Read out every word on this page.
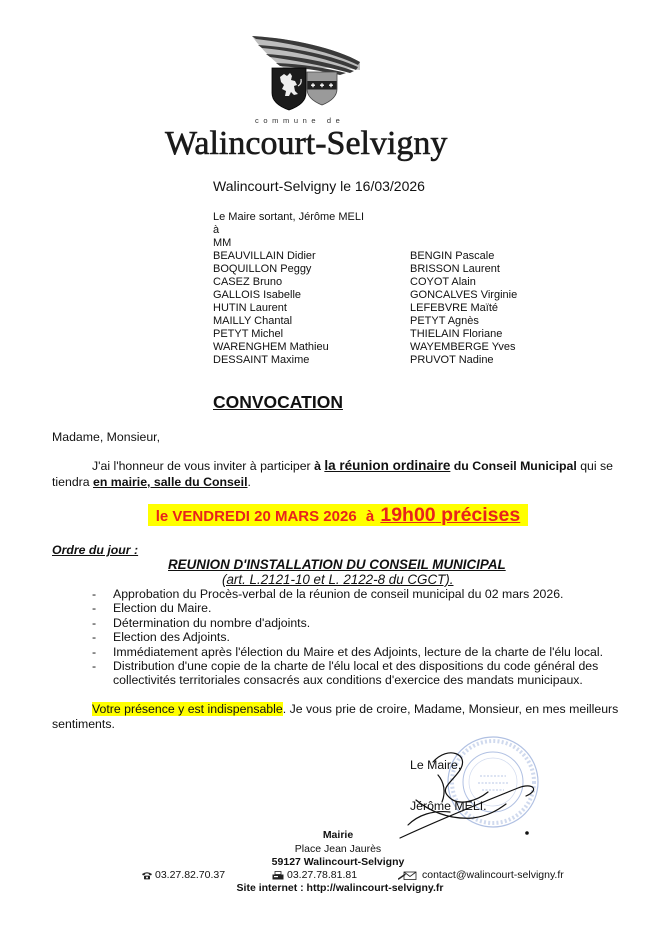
commune de
Walincourt-Selvigny
Walincourt-Selvigny le 16/03/2026
Le Maire sortant, Jérôme MELI
à
MM
BEAUVILLAIN Didier
BOQUILLON Peggy
CASEZ Bruno
GALLOIS Isabelle
HUTIN Laurent
MAILLY Chantal
PETYT Michel
WARENGHEM Mathieu
DESSAINT Maxime
BENGIN Pascale
BRISSON Laurent
COYOT Alain
GONCALVES Virginie
LEFEBVRE Maïté
PETYT Agnès
THIELAIN Floriane
WAYEMBERGE Yves
PRUVOT Nadine
CONVOCATION
Madame, Monsieur,
J'ai l'honneur de vous inviter à participer à la réunion ordinaire du Conseil Municipal qui se
tiendra en mairie, salle du Conseil.
le VENDREDI 20 MARS 2026 à 19h00 précises
Ordre du jour :
REUNION D'INSTALLATION DU CONSEIL MUNICIPAL
(art. L.2121-10 et L. 2122-8 du CGCT).
- Approbation du Procès-verbal de la réunion de conseil municipal du 02 mars 2026.
- Election du Maire.
- Détermination du nombre d'adjoints.
- Election des Adjoints.
- Immédiatement après l'élection du Maire et des Adjoints, lecture de la charte de l'élu local.
- Distribution d'une copie de la charte de l'élu local et des dispositions du code général des
collectivités territoriales consacrés aux conditions d'exercice des mandats municipaux.
Votre présence y est indispensable. Je vous prie de croire, Madame, Monsieur, en mes meilleurs
sentiments.
Le Maire,
Jérôme MELI.
Mairie
Place Jean Jaurès
59127 Walincourt-Selvigny
03.27.82.70.37	03.27.78.81.81	contact@walincourt-selvigny.fr
Site internet : http://walincourt-selvigny.fr
